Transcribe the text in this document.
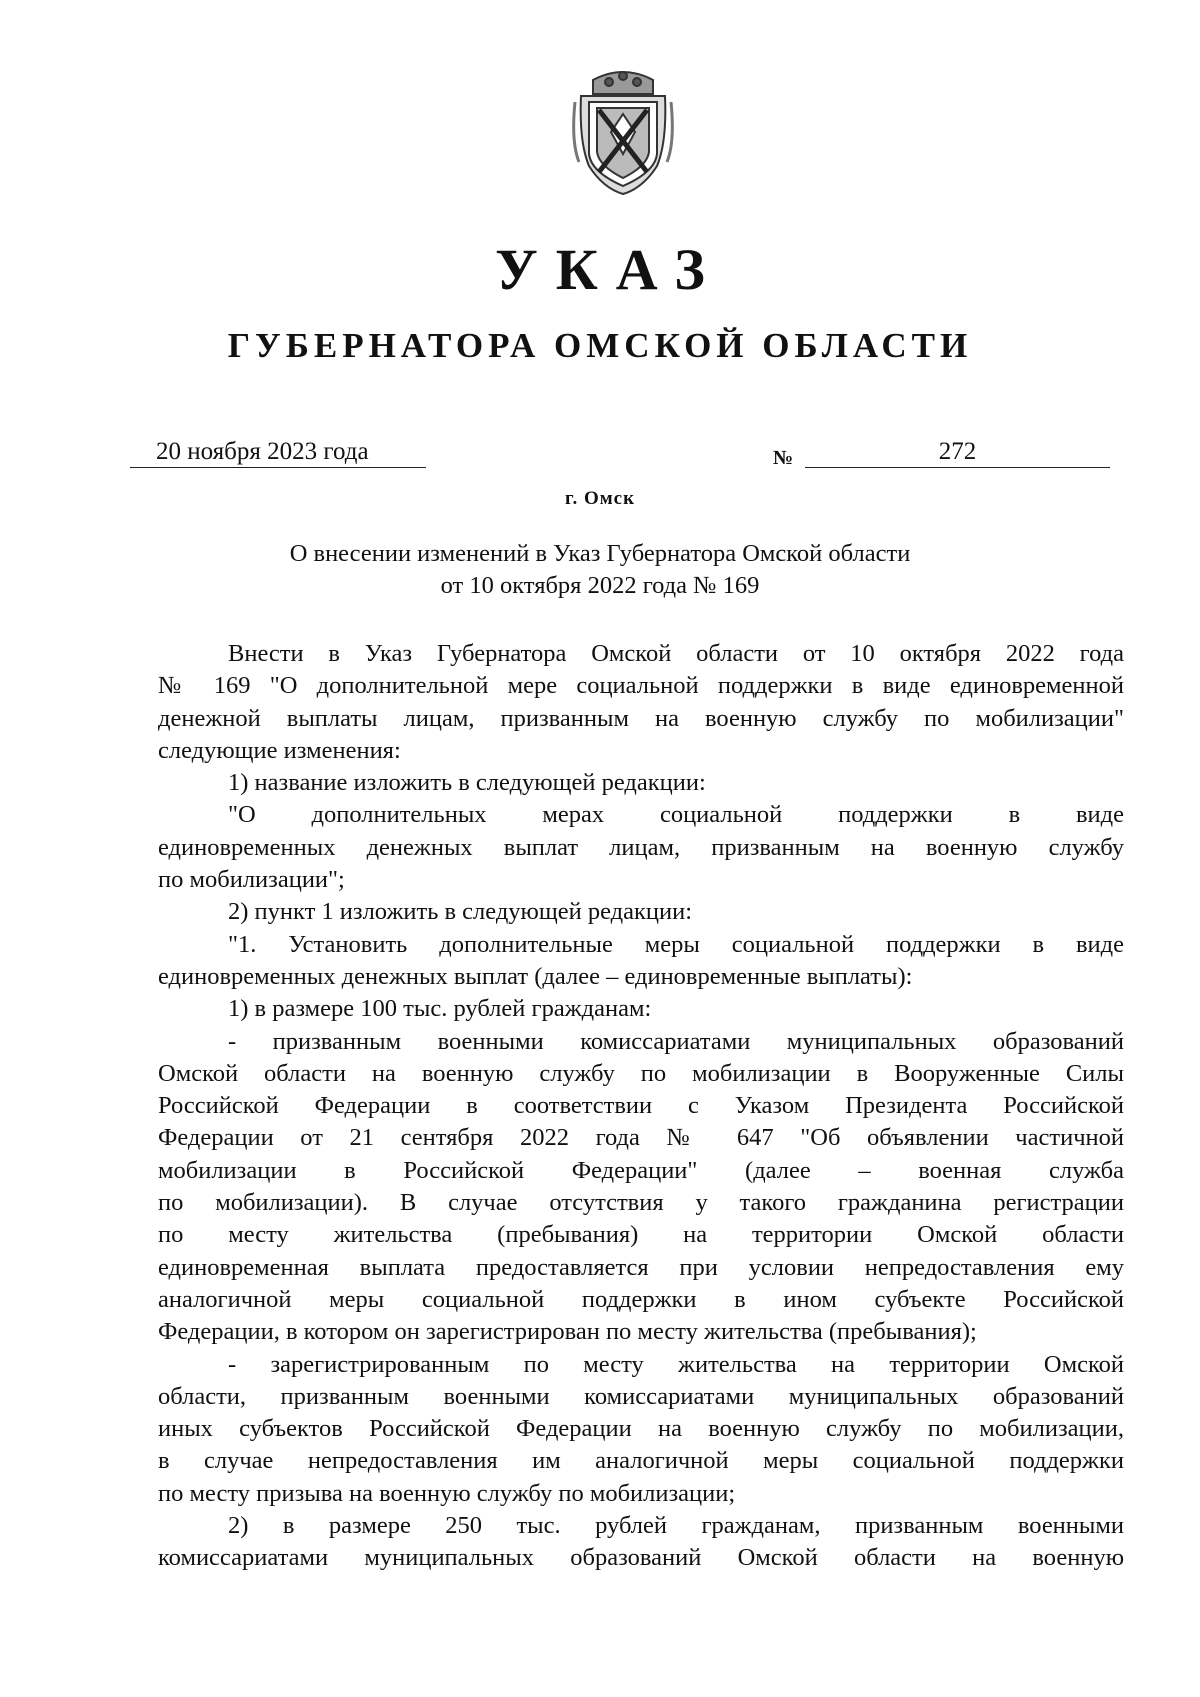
УКАЗ
ГУБЕРНАТОРА ОМСКОЙ ОБЛАСТИ
20 ноября 2023 года	№	272
г. Омск
О внесении изменений в Указ Губернатора Омской области
от 10 октября 2022 года № 169
Внести в Указ Губернатора Омской области от 10 октября 2022 года
№ 169 "О дополнительной мере социальной поддержки в виде единовременной
денежной выплаты лицам, призванным на военную службу по мобилизации"
следующие изменения:
1) название изложить в следующей редакции:
"О дополнительных мерах социальной поддержки в виде
единовременных денежных выплат лицам, призванным на военную службу
по мобилизации";
2) пункт 1 изложить в следующей редакции:
"1. Установить дополнительные меры социальной поддержки в виде
единовременных денежных выплат (далее – единовременные выплаты):
1) в размере 100 тыс. рублей гражданам:
- призванным военными комиссариатами муниципальных образований
Омской области на военную службу по мобилизации в Вооруженные Силы
Российской Федерации в соответствии с Указом Президента Российской
Федерации от 21 сентября 2022 года № 647 "Об объявлении частичной
мобилизации в Российской Федерации" (далее – военная служба
по мобилизации). В случае отсутствия у такого гражданина регистрации
по месту жительства (пребывания) на территории Омской области
единовременная выплата предоставляется при условии непредоставления ему
аналогичной меры социальной поддержки в ином субъекте Российской
Федерации, в котором он зарегистрирован по месту жительства (пребывания);
- зарегистрированным по месту жительства на территории Омской
области, призванным военными комиссариатами муниципальных образований
иных субъектов Российской Федерации на военную службу по мобилизации,
в случае непредоставления им аналогичной меры социальной поддержки
по месту призыва на военную службу по мобилизации;
2) в размере 250 тыс. рублей гражданам, призванным военными
комиссариатами муниципальных образований Омской области на военную
